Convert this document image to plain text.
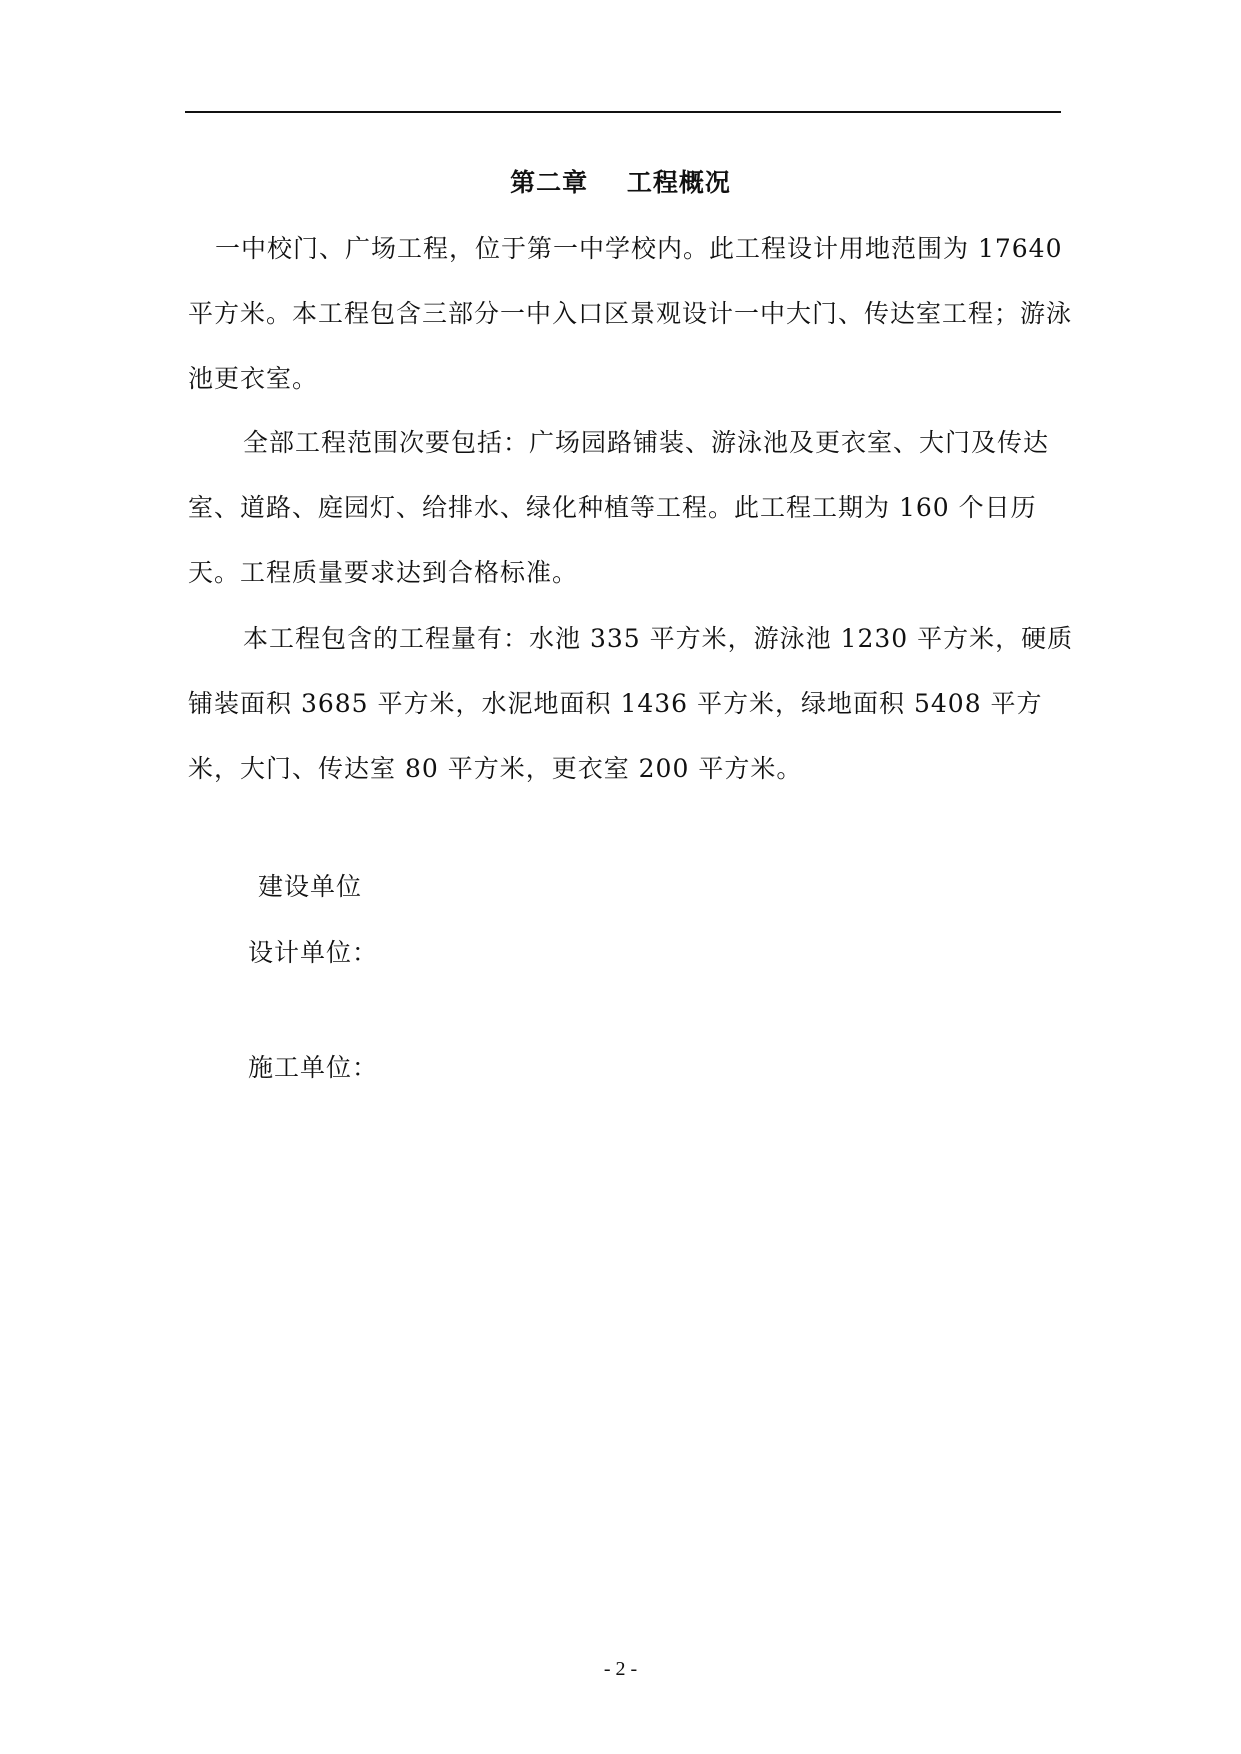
第二章    工程概况

一中校门、广场工程，位于第一中学校内。此工程设计用地范围为 17640 平方米。本工程包含三部分一中入口区景观设计一中大门、传达室工程；游泳池更衣室。

全部工程范围次要包括：广场园路铺装、游泳池及更衣室、大门及传达室、道路、庭园灯、给排水、绿化种植等工程。此工程工期为 160 个日历天。工程质量要求达到合格标准。

本工程包含的工程量有：水池 335 平方米，游泳池 1230 平方米，硬质铺装面积 3685 平方米，水泥地面积 1436 平方米，绿地面积 5408 平方米，大门、传达室 80 平方米，更衣室 200 平方米。

建设单位
设计单位：
施工单位：
- 2 -
